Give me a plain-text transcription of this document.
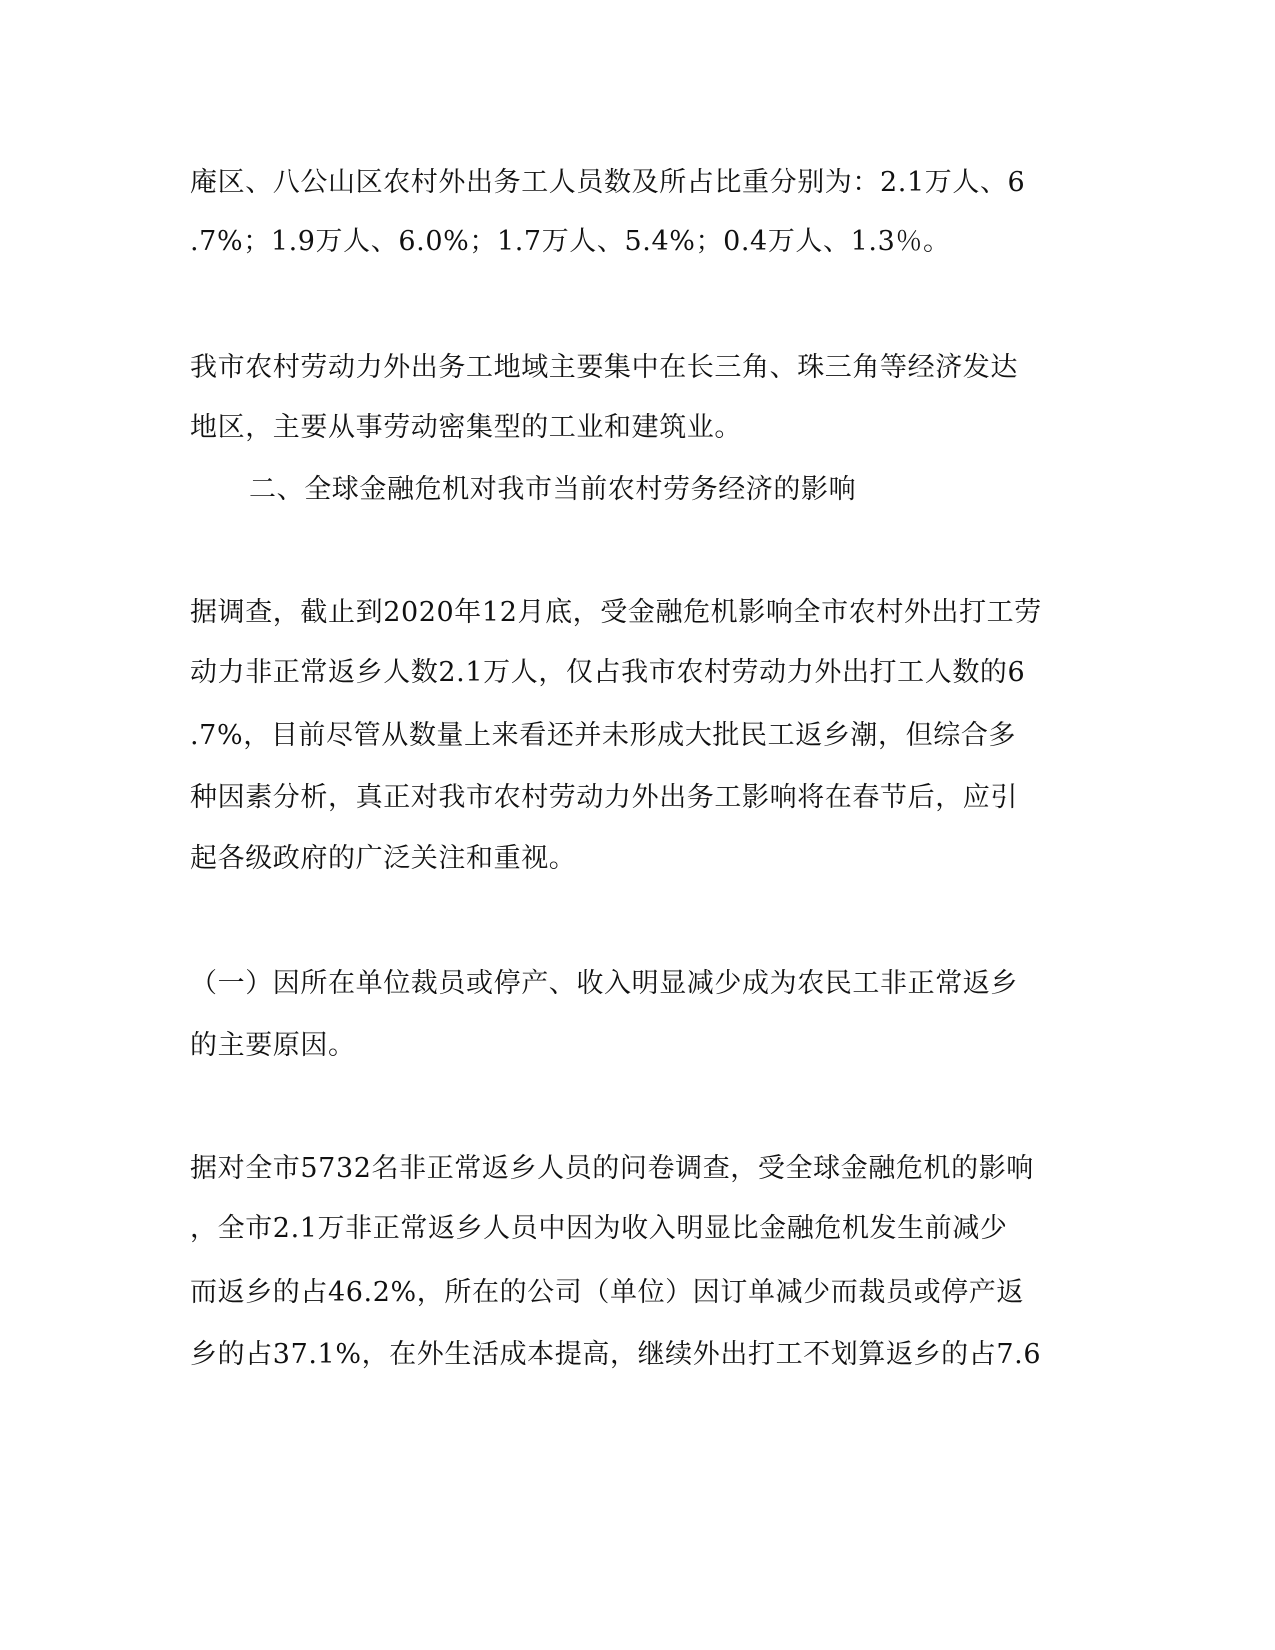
庵区、八公山区农村外出务工人员数及所占比重分别为：2.1万人、6
.7%；1.9万人、6.0%；1.7万人、5.4%；0.4万人、1.3％。
我市农村劳动力外出务工地域主要集中在长三角、珠三角等经济发达
地区，主要从事劳动密集型的工业和建筑业。
二、全球金融危机对我市当前农村劳务经济的影响
据调查，截止到2020年12月底，受金融危机影响全市农村外出打工劳
动力非正常返乡人数2.1万人，仅占我市农村劳动力外出打工人数的6
.7%，目前尽管从数量上来看还并未形成大批民工返乡潮，但综合多
种因素分析，真正对我市农村劳动力外出务工影响将在春节后，应引
起各级政府的广泛关注和重视。
（一）因所在单位裁员或停产、收入明显减少成为农民工非正常返乡
的主要原因。
据对全市5732名非正常返乡人员的问卷调查，受全球金融危机的影响
，全市2.1万非正常返乡人员中因为收入明显比金融危机发生前减少
而返乡的占46.2%，所在的公司（单位）因订单减少而裁员或停产返
乡的占37.1%，在外生活成本提高，继续外出打工不划算返乡的占7.6
